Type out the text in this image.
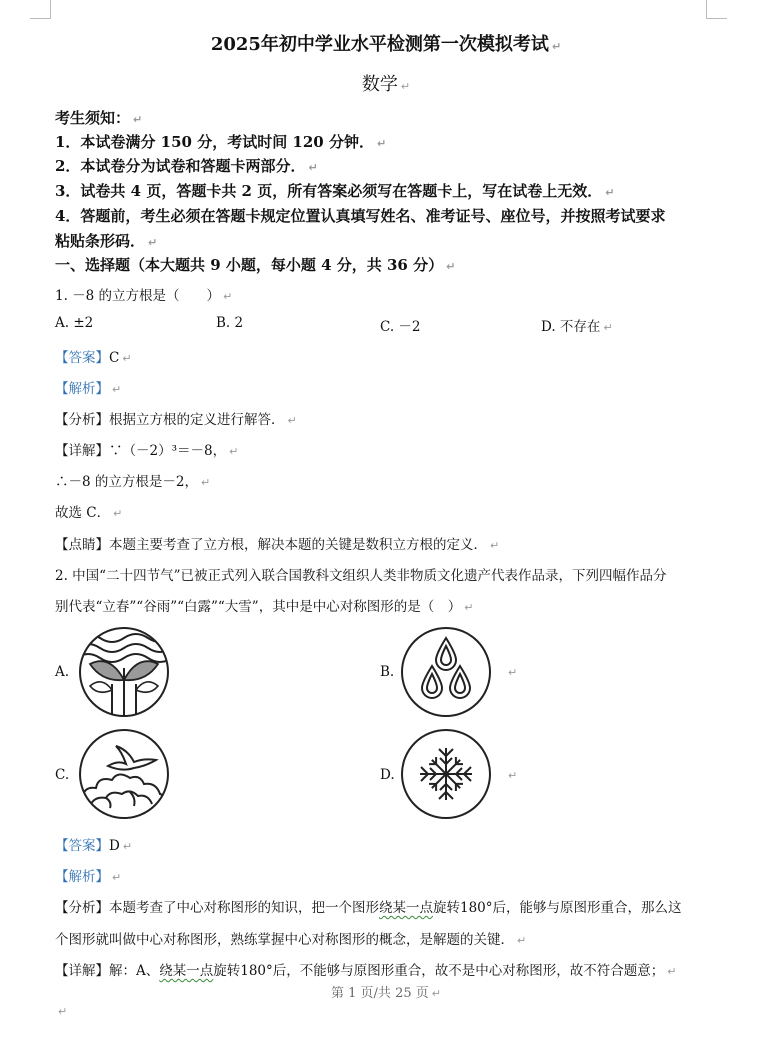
2025年初中学业水平检测第一次模拟考试 ↵
数学 ↵
考生须知： ↵
1．本试卷满分 150 分，考试时间 120 分钟． ↵
2．本试卷分为试卷和答题卡两部分． ↵
3．试卷共 4 页，答题卡共 2 页，所有答案必须写在答题卡上，写在试卷上无效． ↵
4．答题前，考生必须在答题卡规定位置认真填写姓名、准考证号、座位号，并按照考试要求
粘贴条形码． ↵
一、选择题（本大题共 9 小题，每小题 4 分，共 36 分） ↵
1. －8 的立方根是（　　） ↵
A. ±2	B. 2	C. －2	D. 不存在 ↵
【答案】C ↵
【解析】 ↵
【分析】根据立方根的定义进行解答． ↵
【详解】∵（－2）³＝－8， ↵
∴－8 的立方根是－2， ↵
故选 C． ↵
【点睛】本题主要考查了立方根，解决本题的关键是数积立方根的定义． ↵
2. 中国“二十四节气”已被正式列入联合国教科文组织人类非物质文化遗产代表作品录，下列四幅作品分
别代表“立春”“谷雨”“白露”“大雪”，其中是中心对称图形的是（　） ↵
A.	B.	↵
C.	D.	↵
【答案】D ↵
【解析】 ↵
【分析】本题考查了中心对称图形的知识，把一个图形绕某一点旋转180°后，能够与原图形重合，那么这
个图形就叫做中心对称图形，熟练掌握中心对称图形的概念，是解题的关键． ↵
【详解】解：A、绕某一点旋转180°后，不能够与原图形重合，故不是中心对称图形，故不符合题意； ↵
第 1 页/共 25 页 ↵
↵
